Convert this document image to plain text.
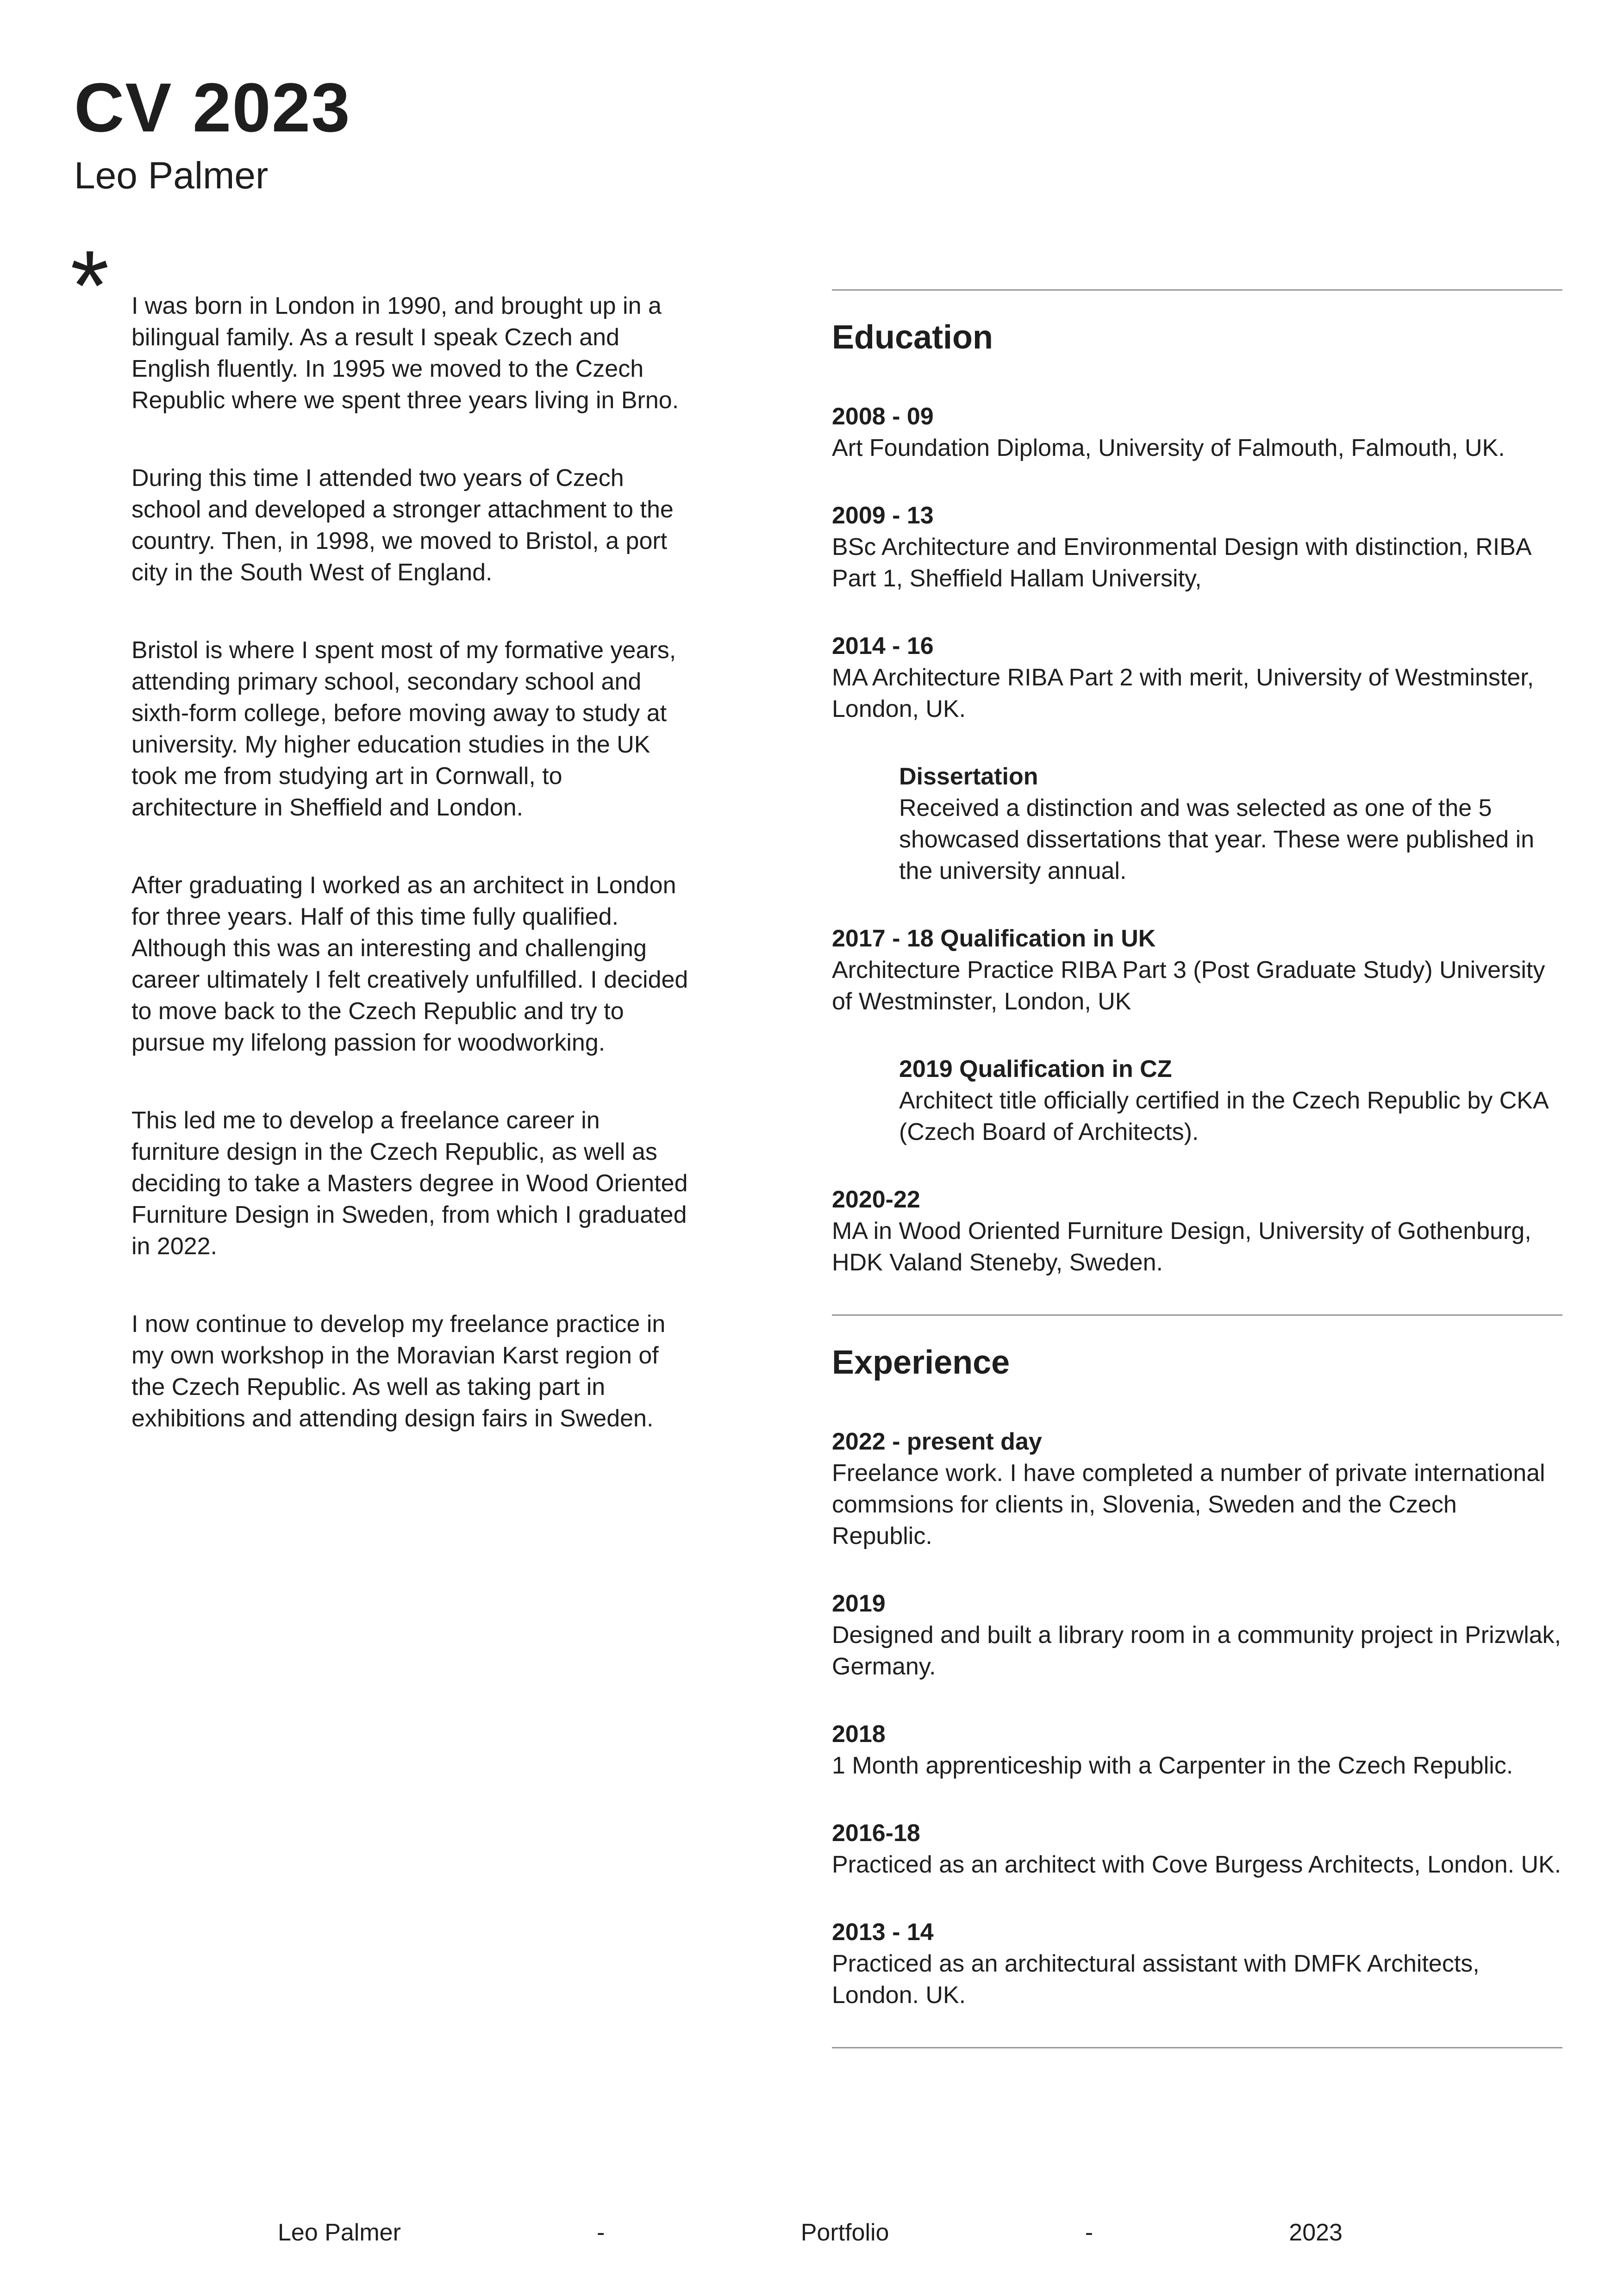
CV 2023
Leo Palmer
* I was born in London in 1990, and brought up in a bilingual family. As a result I speak Czech and English fluently. In 1995 we moved to the Czech Republic where we spent three years living in Brno.

During this time I attended two years of Czech school and developed a stronger attachment to the country. Then, in 1998, we moved to Bristol, a port city in the South West of England.

Bristol is where I spent most of my formative years, attending primary school, secondary school and sixth-form college, before moving away to study at university. My higher education studies in the UK took me from studying art in Cornwall, to architecture in Sheffield and London.

After graduating I worked as an architect in London for three years. Half of this time fully qualified. Although this was an interesting and challenging career ultimately I felt creatively unfulfilled. I decided to move back to the Czech Republic and try to pursue my lifelong passion for woodworking.

This led me to develop a freelance career in furniture design in the Czech Republic, as well as deciding to take a Masters degree in Wood Oriented Furniture Design in Sweden, from which I graduated in 2022.

I now continue to develop my freelance practice in my own workshop in the Moravian Karst region of the Czech Republic. As well as taking part in exhibitions and attending design fairs in Sweden.

Education
2008 - 09
Art Foundation Diploma, University of Falmouth, Falmouth, UK.
2009 - 13
BSc Architecture and Environmental Design with distinction, RIBA Part 1, Sheffield Hallam University,
2014 - 16
MA Architecture RIBA Part 2 with merit, University of Westminster, London, UK.
Dissertation
Received a distinction and was selected as one of the 5 showcased dissertations that year. These were published in the university annual.
2017 - 18 Qualification in UK
Architecture Practice RIBA Part 3 (Post Graduate Study) University of Westminster, London, UK
2019 Qualification in CZ
Architect title officially certified in the Czech Republic by CKA (Czech Board of Architects).
2020-22
MA in Wood Oriented Furniture Design, University of Gothenburg, HDK Valand Steneby, Sweden.
Experience
2022 - present day
Freelance work. I have completed a number of private international commsions for clients in, Slovenia, Sweden and the Czech Republic.
2019
Designed and built a library room in a community project in Prizwlak, Germany.
2018
1 Month apprenticeship with a Carpenter in the Czech Republic.
2016-18
Practiced as an architect with Cove Burgess Architects, London. UK.
2013 - 14
Practiced as an architectural assistant with DMFK Architects, London. UK.
Leo Palmer	-	Portfolio	-	2023
